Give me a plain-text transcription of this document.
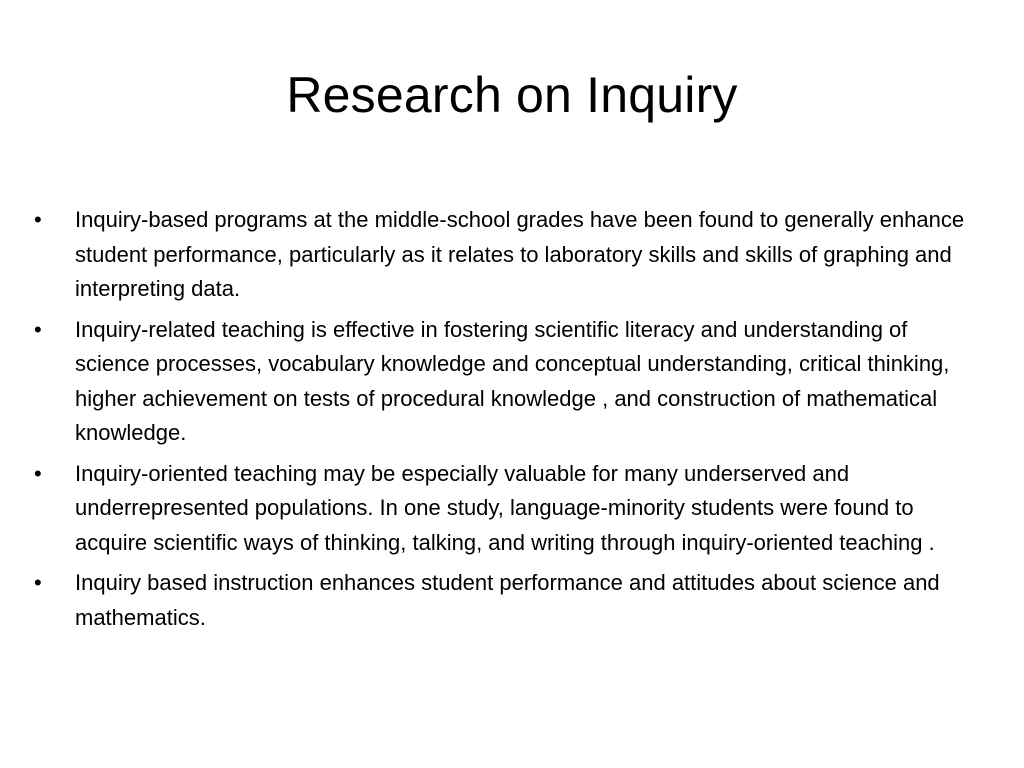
Research on Inquiry
•	Inquiry-based programs at the middle-school grades have been found to generally enhance student performance, particularly as it relates to laboratory skills and skills of graphing and interpreting data.
•	Inquiry-related teaching is effective in fostering scientific literacy and understanding of science processes, vocabulary knowledge and conceptual understanding, critical thinking, higher achievement on tests of procedural knowledge , and construction of mathematical knowledge.
•	Inquiry-oriented teaching may be especially valuable for many underserved and underrepresented populations. In one study, language-minority students were found to acquire scientific ways of thinking, talking, and writing through inquiry-oriented teaching .
•	Inquiry based instruction enhances student performance and attitudes about science and mathematics.
